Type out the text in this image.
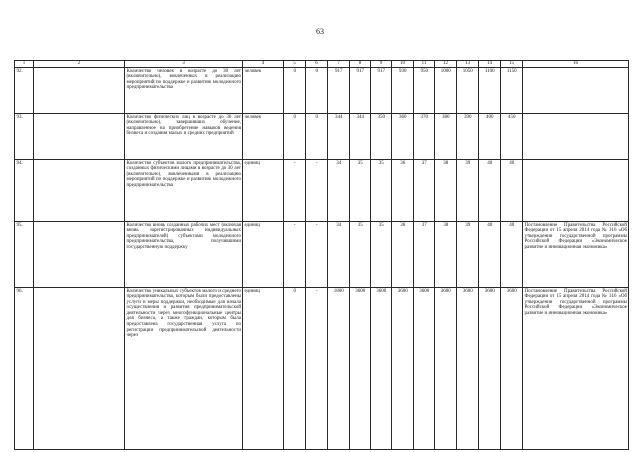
63
1	2	3	4	5	6	7	8	9	10	11	12	13	14	15	16
92.		Количество человек в возрасте до 30 лет (включительно), вовлеченных в реализацию мероприятий по поддержке и развитию молодежного предпринимательства	человек	0	0	917	917	917	930	950	1000	1050	1100	1150	
93.		Количество физических лиц в возрасте до 30 лет (включительно), завершивших обучение, направленное на приобретение навыков ведения бизнеса и создания малых и средних предприятий	человек	0	0	344	344	350	360	370	380	390	400	450	
94.		Количество субъектов малого предпринимательства, созданных физическими лицами в возрасте до 30 лет (включительно), вовлеченными в реализацию мероприятий по поддержке и развитию молодежного предпринимательства	единиц	-	-	34	35	35	36	37	38	39	40	40	
95.		Количество вновь созданных рабочих мест (включая вновь зарегистрированных индивидуальных предпринимателей) субъектами молодежного предпринимательства, получившими государственную поддержку	единиц	-	-	34	35	35	36	37	38	39	40	40	Постановление Правительства Российской Федерации от 15 апреля 2014 года № 316 «Об утверждении государственной программы Российской Федерации «Экономическое развитие и инновационная экономика»
96.		Количество уникальных субъектов малого и среднего предпринимательства, которым были предоставлены услуги и меры поддержки, необходимые для начала осуществления и развития предпринимательской деятельности через многофункциональные центры для бизнеса, а также граждан, которым была предоставлена государственная услуга по регистрации предпринимательской деятельности через	единиц	0	-	1800	3600	3600	3600	3600	3600	3600	3600	3600	Постановление Правительства Российской Федерации от 15 апреля 2014 года № 316 «Об утверждении государственной программы Российской Федерации «Экономическое развитие и инновационная экономика»
